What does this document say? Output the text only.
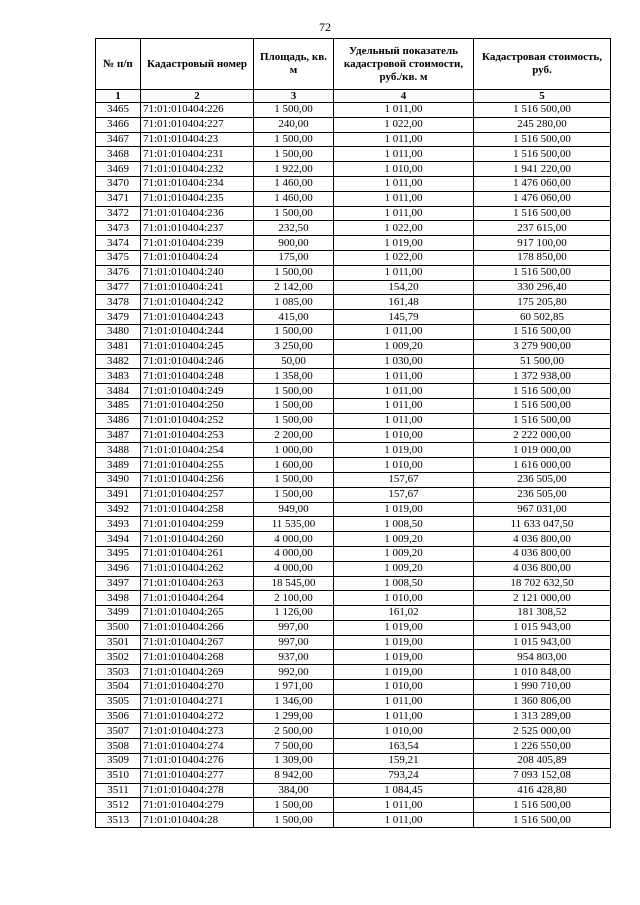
72
№ п/п	Кадастровый номер	Площадь, кв. м	Удельный показатель кадастровой стоимости, руб./кв. м	Кадастровая стоимость, руб.
1	2	3	4	5
3465	71:01:010404:226	1 500,00	1 011,00	1 516 500,00
3466	71:01:010404:227	240,00	1 022,00	245 280,00
3467	71:01:010404:23	1 500,00	1 011,00	1 516 500,00
3468	71:01:010404:231	1 500,00	1 011,00	1 516 500,00
3469	71:01:010404:232	1 922,00	1 010,00	1 941 220,00
3470	71:01:010404:234	1 460,00	1 011,00	1 476 060,00
3471	71:01:010404:235	1 460,00	1 011,00	1 476 060,00
3472	71:01:010404:236	1 500,00	1 011,00	1 516 500,00
3473	71:01:010404:237	232,50	1 022,00	237 615,00
3474	71:01:010404:239	900,00	1 019,00	917 100,00
3475	71:01:010404:24	175,00	1 022,00	178 850,00
3476	71:01:010404:240	1 500,00	1 011,00	1 516 500,00
3477	71:01:010404:241	2 142,00	154,20	330 296,40
3478	71:01:010404:242	1 085,00	161,48	175 205,80
3479	71:01:010404:243	415,00	145,79	60 502,85
3480	71:01:010404:244	1 500,00	1 011,00	1 516 500,00
3481	71:01:010404:245	3 250,00	1 009,20	3 279 900,00
3482	71:01:010404:246	50,00	1 030,00	51 500,00
3483	71:01:010404:248	1 358,00	1 011,00	1 372 938,00
3484	71:01:010404:249	1 500,00	1 011,00	1 516 500,00
3485	71:01:010404:250	1 500,00	1 011,00	1 516 500,00
3486	71:01:010404:252	1 500,00	1 011,00	1 516 500,00
3487	71:01:010404:253	2 200,00	1 010,00	2 222 000,00
3488	71:01:010404:254	1 000,00	1 019,00	1 019 000,00
3489	71:01:010404:255	1 600,00	1 010,00	1 616 000,00
3490	71:01:010404:256	1 500,00	157,67	236 505,00
3491	71:01:010404:257	1 500,00	157,67	236 505,00
3492	71:01:010404:258	949,00	1 019,00	967 031,00
3493	71:01:010404:259	11 535,00	1 008,50	11 633 047,50
3494	71:01:010404:260	4 000,00	1 009,20	4 036 800,00
3495	71:01:010404:261	4 000,00	1 009,20	4 036 800,00
3496	71:01:010404:262	4 000,00	1 009,20	4 036 800,00
3497	71:01:010404:263	18 545,00	1 008,50	18 702 632,50
3498	71:01:010404:264	2 100,00	1 010,00	2 121 000,00
3499	71:01:010404:265	1 126,00	161,02	181 308,52
3500	71:01:010404:266	997,00	1 019,00	1 015 943,00
3501	71:01:010404:267	997,00	1 019,00	1 015 943,00
3502	71:01:010404:268	937,00	1 019,00	954 803,00
3503	71:01:010404:269	992,00	1 019,00	1 010 848,00
3504	71:01:010404:270	1 971,00	1 010,00	1 990 710,00
3505	71:01:010404:271	1 346,00	1 011,00	1 360 806,00
3506	71:01:010404:272	1 299,00	1 011,00	1 313 289,00
3507	71:01:010404:273	2 500,00	1 010,00	2 525 000,00
3508	71:01:010404:274	7 500,00	163,54	1 226 550,00
3509	71:01:010404:276	1 309,00	159,21	208 405,89
3510	71:01:010404:277	8 942,00	793,24	7 093 152,08
3511	71:01:010404:278	384,00	1 084,45	416 428,80
3512	71:01:010404:279	1 500,00	1 011,00	1 516 500,00
3513	71:01:010404:28	1 500,00	1 011,00	1 516 500,00
